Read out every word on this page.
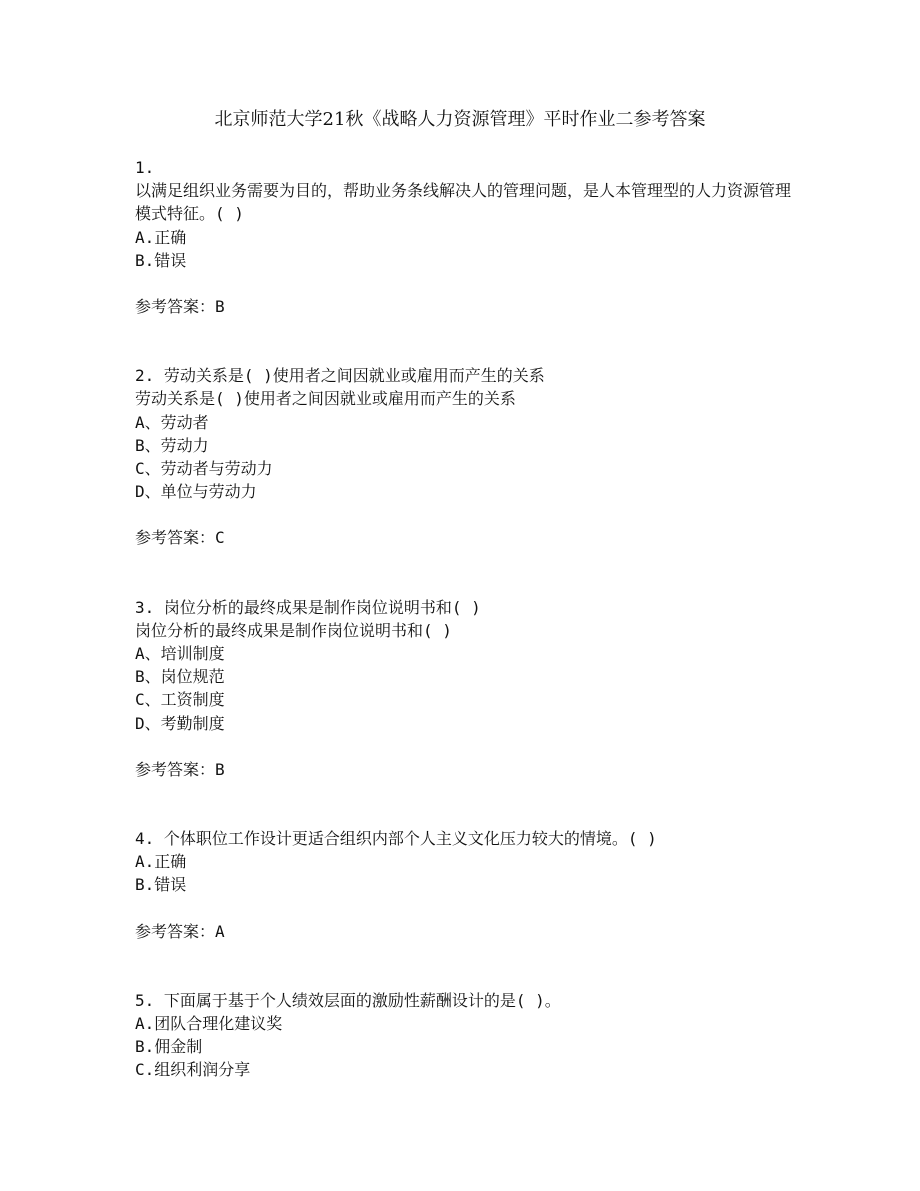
北京师范大学21秋《战略人力资源管理》平时作业二参考答案
1.
以满足组织业务需要为目的，帮助业务条线解决人的管理问题，是人本管理型的人力资源管理模式特征。( )
A.正确
B.错误
参考答案：B
2. 劳动关系是( )使用者之间因就业或雇用而产生的关系
劳动关系是( )使用者之间因就业或雇用而产生的关系
A、劳动者
B、劳动力
C、劳动者与劳动力
D、单位与劳动力
参考答案：C
3. 岗位分析的最终成果是制作岗位说明书和( )
岗位分析的最终成果是制作岗位说明书和( )
A、培训制度
B、岗位规范
C、工资制度
D、考勤制度
参考答案：B
4. 个体职位工作设计更适合组织内部个人主义文化压力较大的情境。( )
A.正确
B.错误
参考答案：A
5. 下面属于基于个人绩效层面的激励性薪酬设计的是( )。
A.团队合理化建议奖
B.佣金制
C.组织利润分享
